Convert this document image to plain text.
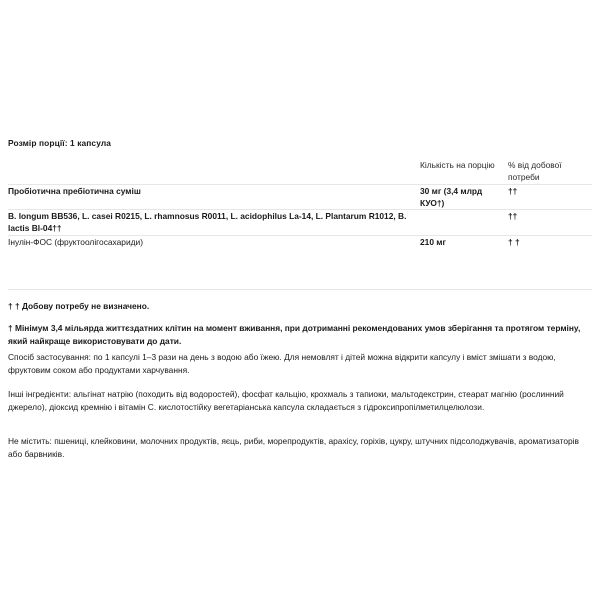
Розмір порції: 1 капсула
	Кількість на порцію	% від добової потреби
Пробіотична пребіотична суміш	30 мг (3,4 млрд КУО†)	††
B. longum BB536, L. casei R0215, L. rhamnosus R0011, L. acidophilus La-14, L. Plantarum R1012, B. lactis Bl-04††		††
Інулін-ФОС (фруктоолігосахариди)	210 мг	† †
† † Добову потребу не визначено.
† Мінімум 3,4 мільярда життєздатних клітин на момент вживання, при дотриманні рекомендованих умов зберігання та протягом терміну, який найкраще використовувати до дати.
Спосіб застосування: по 1 капсулі 1–3 рази на день з водою або їжею. Для немовлят і дітей можна відкрити капсулу і вміст змішати з водою, фруктовим соком або продуктами харчування.
Інші інгредієнти: альгінат натрію (походить від водоростей), фосфат кальцію, крохмаль з тапиоки, мальтодекстрин, стеарат магнію (рослинний джерело), діоксид кремнію і вітамін С. кислотостійку вегетаріанська капсула складається з гідроксипропілметилцелюлози.
Не містить: пшениці, клейковини, молочних продуктів, яєць, риби, морепродуктів, арахісу, горіхів, цукру, штучних підсолоджувачів, ароматизаторів або барвників.
